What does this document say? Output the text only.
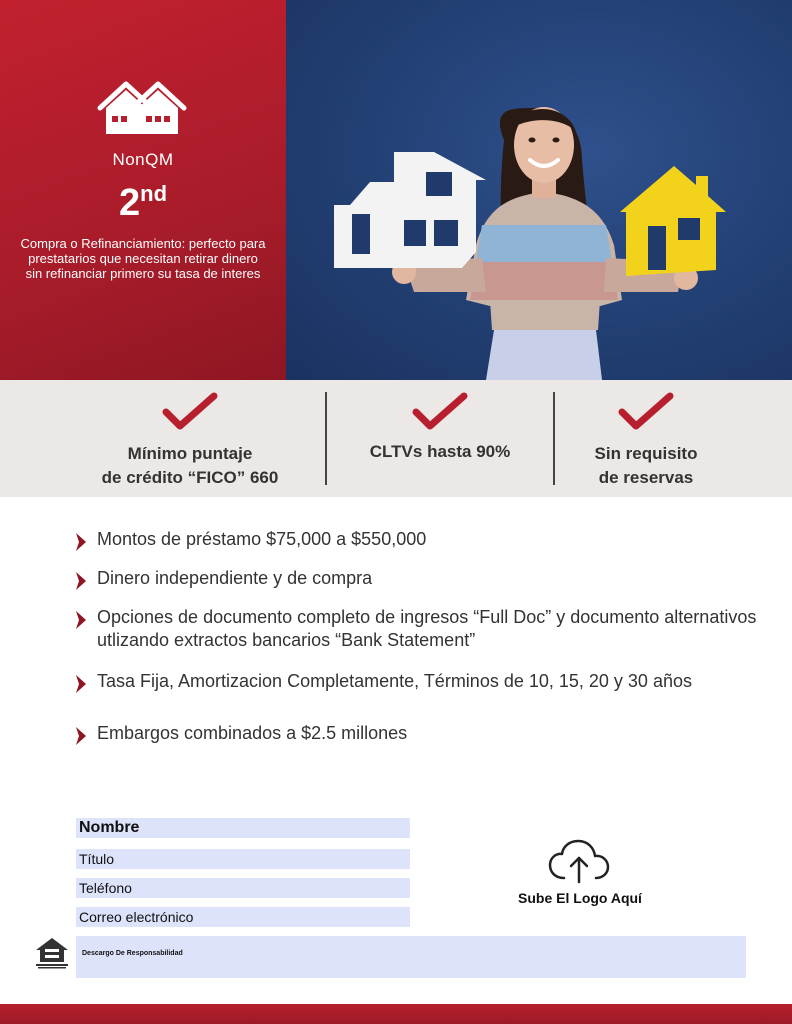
NonQM
2nd
Compra o Refinanciamiento: perfecto para prestatarios que necesitan retirar dinero sin refinanciar primero su tasa de interes
Mínimo puntaje
de crédito “FICO” 660
CLTVs hasta 90%	Sin requisito
de reservas
Montos de préstamo $75,000 a $550,000
Dinero independiente y de compra
Opciones de documento completo de ingresos “Full Doc” y documento alternativos utlizando extractos bancarios “Bank Statement”
Tasa Fija, Amortizacion Completamente, Términos de 10, 15, 20 y 30 años
Embargos combinados a $2.5 millones
Nombre
Título
Teléfono
Correo electrónico
Descargo De Responsabilidad
Sube El Logo Aquí
